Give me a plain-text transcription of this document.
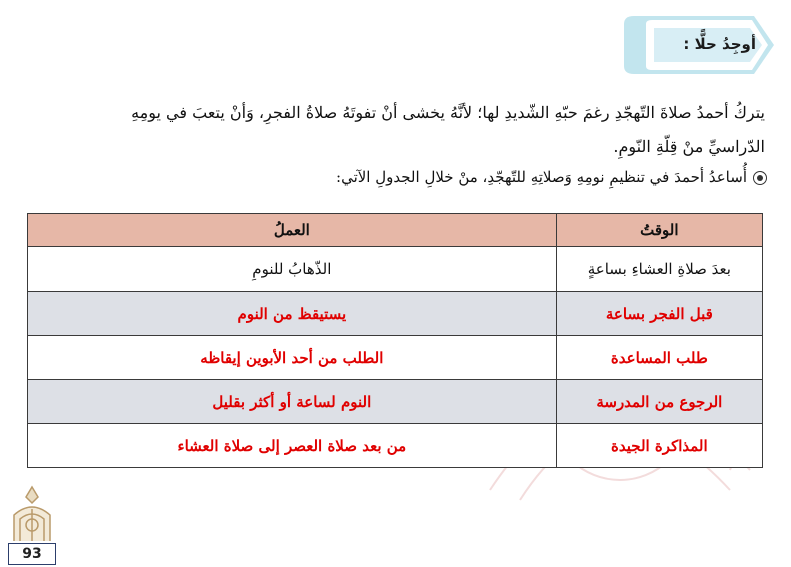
أوجِدُ حلًّا :
يتركُ أحمدُ صلاةَ التّهجّدِ رغمَ حبّهِ الشّديدِ لها؛ لأنَّهُ يخشى أنْ تفوتَهُ صلاةُ الفجرِ، وَأنْ يتعبَ في يومِهِ
الدّراسيِّ منْ قِلّةِ النّومِ.
أُساعدُ أحمدَ في تنظيمِ نومِهِ وَصلاتِهِ للتّهجّدِ، منْ خلالِ الجدولِ الآتي:
الوقتُ	العملُ
بعدَ صلاةِ العشاءِ بساعةٍ	الذّهابُ للنومِ
قبل الفجر بساعة	يستيقظ من النوم
طلب المساعدة	الطلب من أحد الأبوين إيقاظه
الرجوع من المدرسة	النوم لساعة أو أكثر بقليل
المذاكرة الجيدة	من بعد صلاة العصر إلى صلاة العشاء
93
